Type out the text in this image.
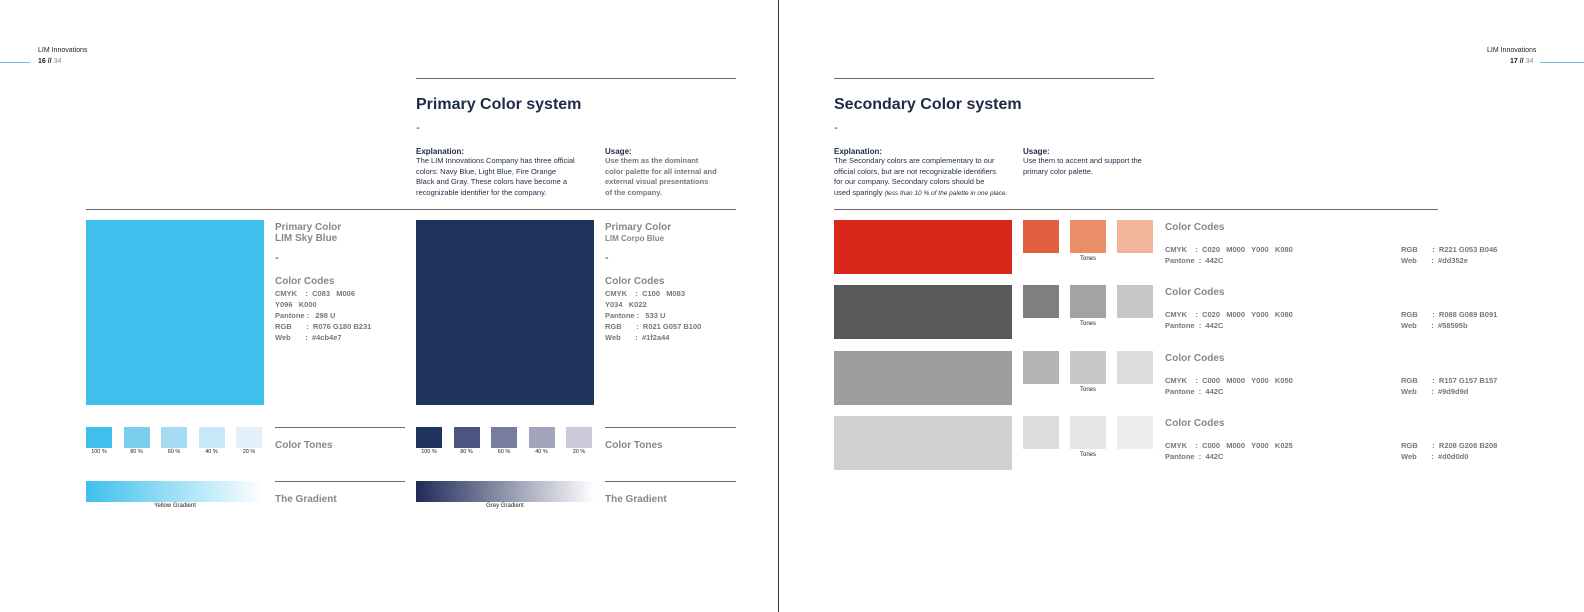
LIM Innovations
16 // 34
Primary Color system
-
Explanation:
The LIM Innovations Company has three official
colors: Navy Blue, Light Blue, Fire Orange
Black and Gray. These colors have become a
recognizable identifier for the company.
Usage:
Use them as the dominant
color palette for all internal and
external visual presentations
of the company.
Primary Color
LIM Sky Blue
-
Color Codes
CMYK    :  C083   M006
Y096   K000
Pantone :   298 U
RGB       :  R076 G180 B231
Web       :  #4cb4e7
100 %	80 %	60 %	40 %	20 %
Color Tones
Yellow Gradient
The Gradient
Primary Color
LIM Corpo Blue
-
Color Codes
CMYK    :  C100   M083
Y034   K022
Pantone :   533 U
RGB       :  R021 G057 B100
Web       :  #1f2a44
100 %	80 %	60 %	40 %	20 %
Color Tones
Grey Gradient
The Gradient
LIM Innovations
17 // 34
Secondary Color system
-
Explanation:
The Secondary colors are complementary to our
official colors, but are not recognizable identifiers
for our company. Secondary colors should be
used sparingly (less than 10 % of the palette in one place.
Usage:
Use them to accent and support the
primary color palette.
Tones
Color Codes
CMYK    :  C020   M000   Y000   K080
Pantone  :  442C
RGB       :  R221 G053 B046
Web       :  #dd352e
Tones
Color Codes
CMYK    :  C020   M000   Y000   K080
Pantone  :  442C
RGB       :  R088 G089 B091
Web       :  #58595b
Tones
Color Codes
CMYK    :  C000   M000   Y000   K050
Pantone  :  442C
RGB       :  R157 G157 B157
Web       :  #9d9d9d
Tones
Color Codes
CMYK    :  C000   M000   Y000   K025
Pantone  :  442C
RGB       :  R208 G208 B208
Web       :  #d0d0d0
